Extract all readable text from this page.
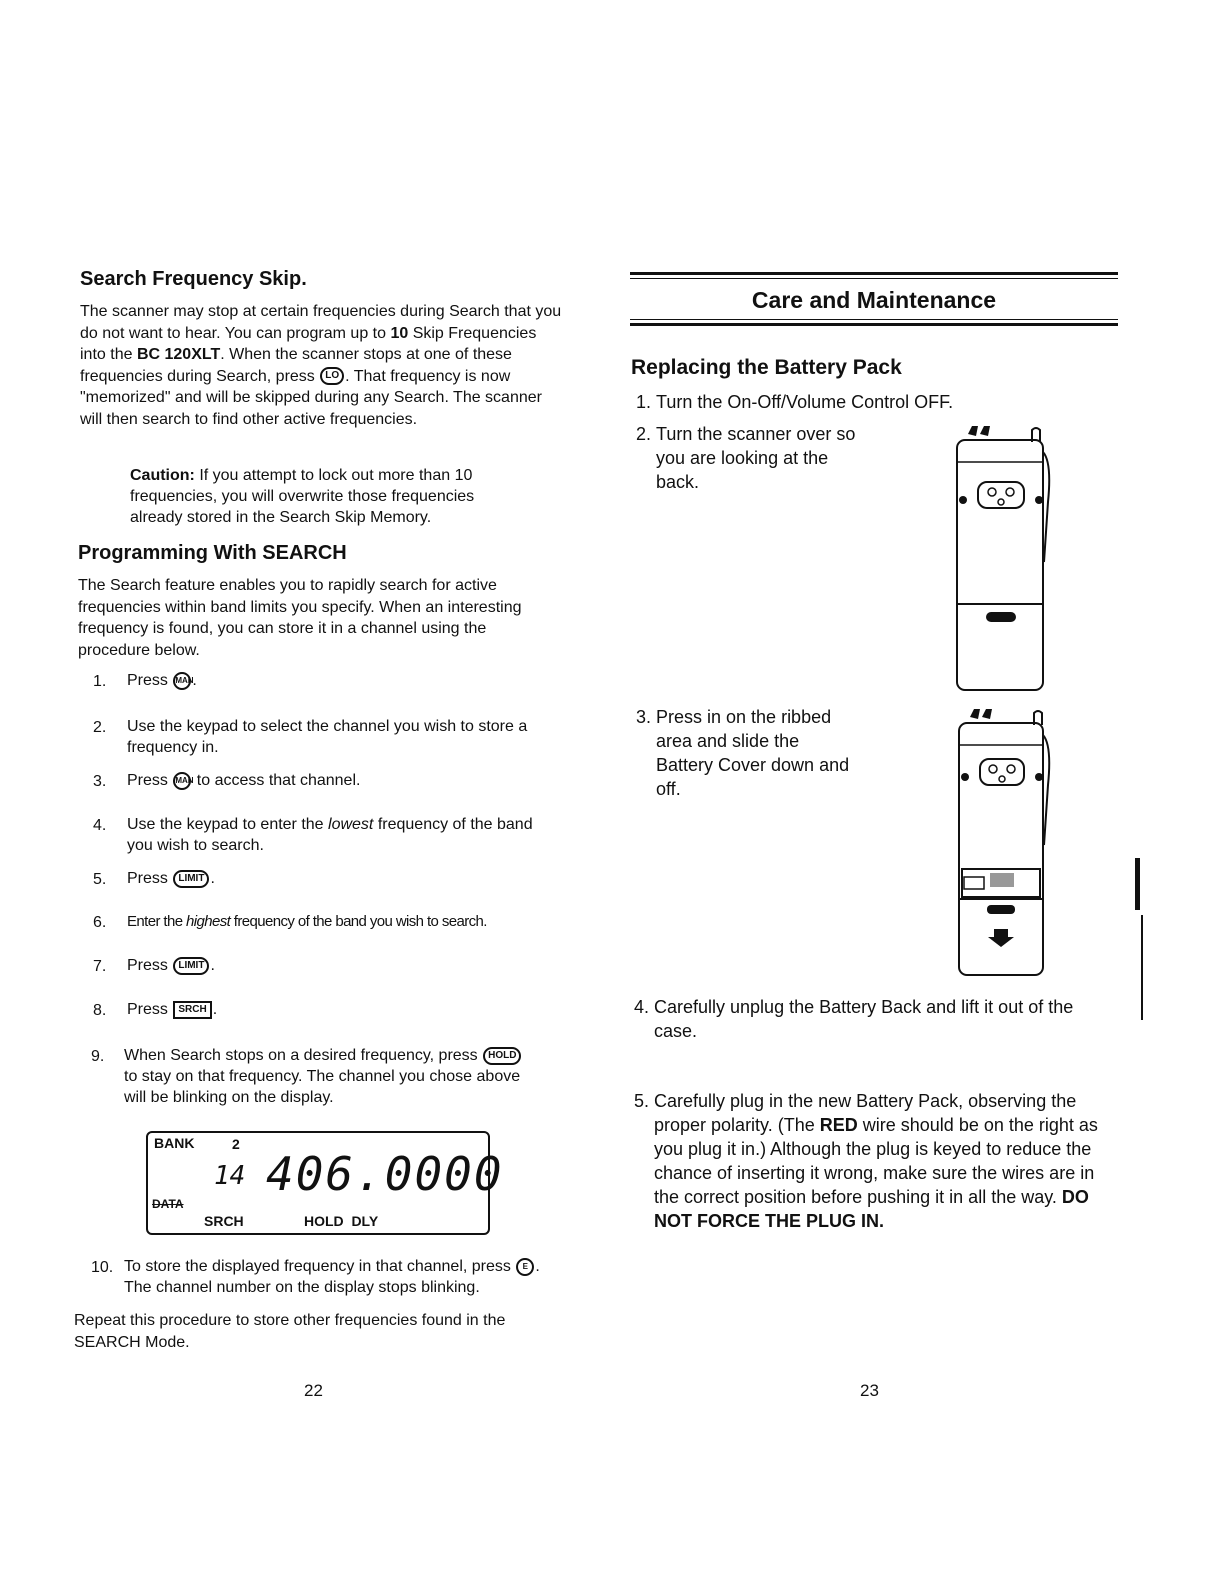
Search Frequency Skip.
The scanner may stop at certain frequencies during Search that you do not want to hear. You can program up to 10 Skip Frequencies into the BC 120XLT. When the scanner stops at one of these frequencies during Search, press LO . That frequency is now "memorized" and will be skipped during any Search. The scanner will then search to find other active frequencies.
Caution: If you attempt to lock out more than 10 frequencies, you will overwrite those frequencies already stored in the Search Skip Memory.
Programming With SEARCH
The Search feature enables you to rapidly search for active frequencies within band limits you specify. When an interesting frequency is found, you can store it in a channel using the procedure below.
1. Press MAN.
2. Use the keypad to select the channel you wish to store a frequency in.
3. Press MAN to access that channel.
4. Use the keypad to enter the lowest frequency of the band you wish to search.
5. Press LIMIT .
6. Enter the highest frequency of the band you wish to search.
7. Press LIMIT .
8. Press SRCH .
9. When Search stops on a desired frequency, press HOLD to stay on that frequency. The channel you chose above will be blinking on the display.
BANK	2
14 406.0000
DATA
SRCH	HOLD  DLY
10. To store the displayed frequency in that channel, press E . The channel number on the display stops blinking.
Repeat this procedure to store other frequencies found in the SEARCH Mode.
22
Care and Maintenance
Replacing the Battery Pack
1. Turn the On-Off/Volume Control OFF.
2. Turn the scanner over so you are looking at the back.
3. Press in on the ribbed area and slide the Battery Cover down and off.
4. Carefully unplug the Battery Back and lift it out of the case.
5. Carefully plug in the new Battery Pack, observing the proper polarity. (The RED wire should be on the right as you plug it in.) Although the plug is keyed to reduce the chance of inserting it wrong, make sure the wires are in the correct position before pushing it in all the way. DO NOT FORCE THE PLUG IN.
23
